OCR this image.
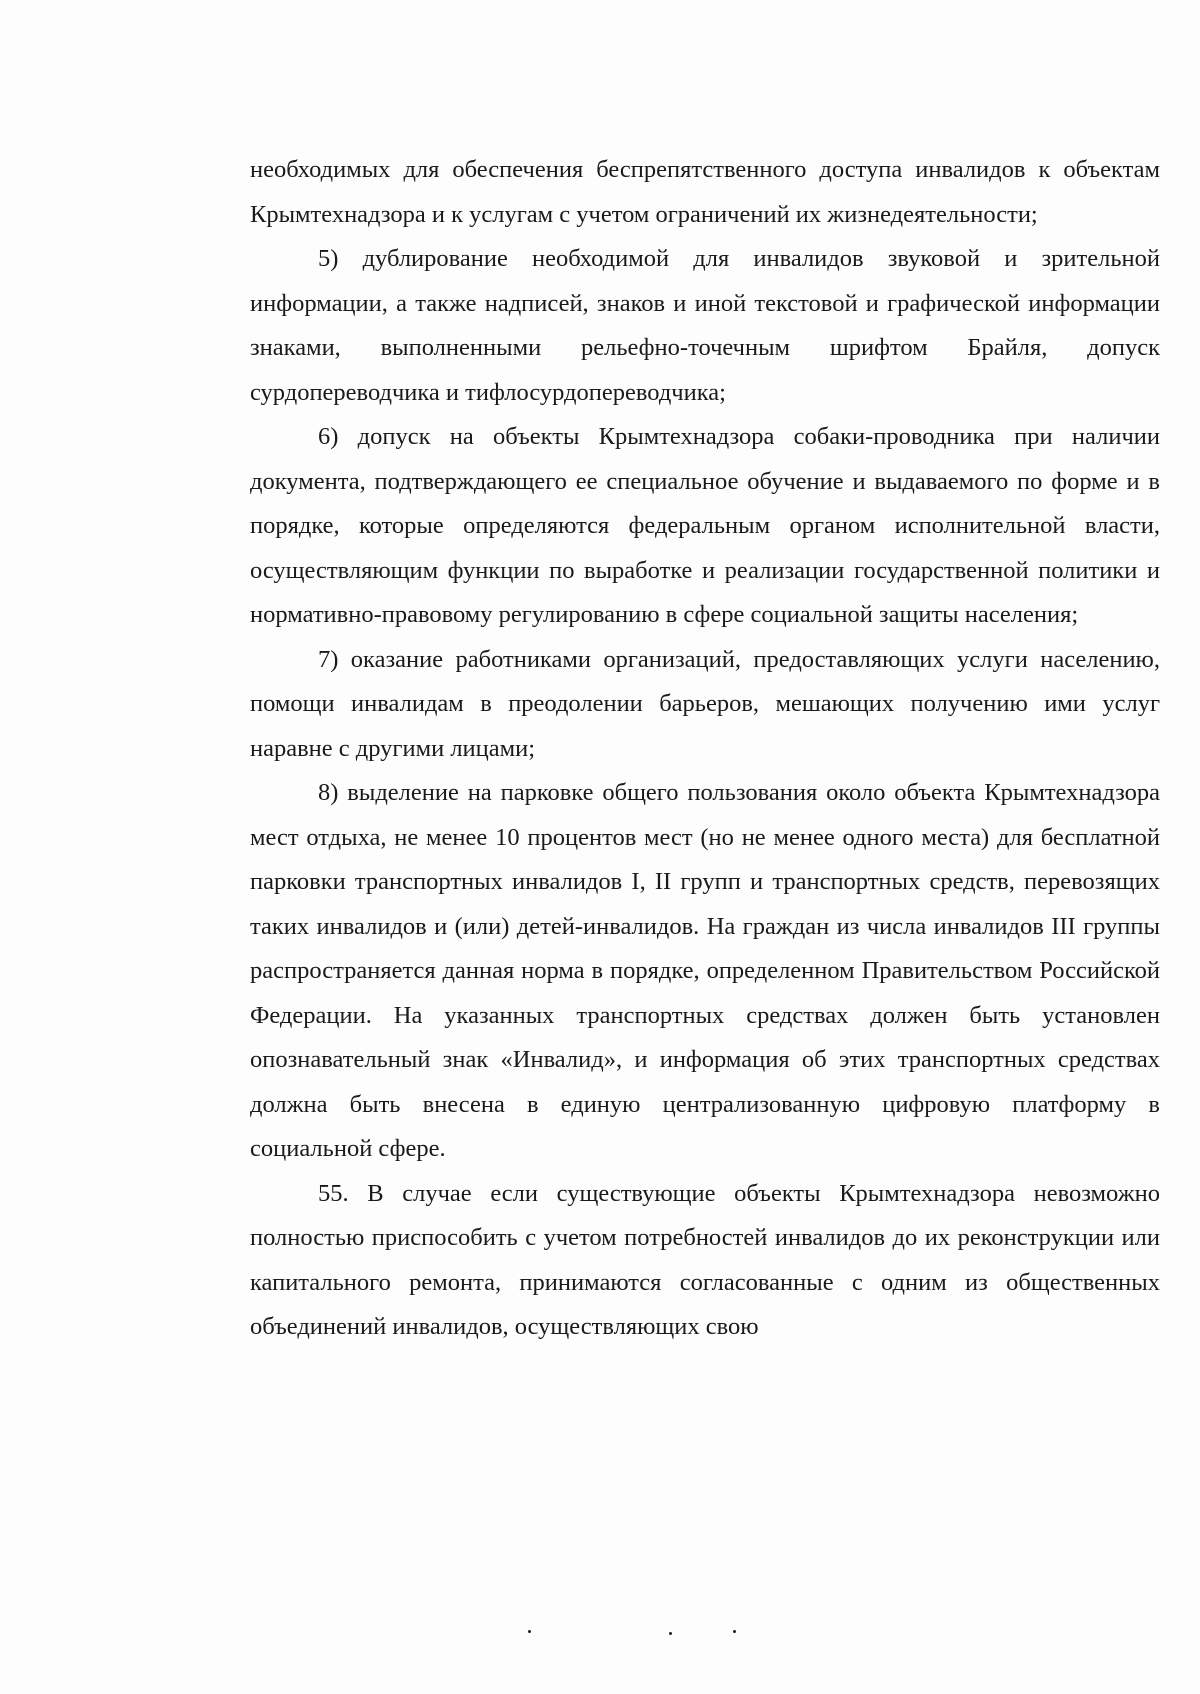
необходимых для обеспечения беспрепятственного доступа инвалидов к объектам Крымтехнадзора и к услугам с учетом ограничений их жизнедеятельности;

5) дублирование необходимой для инвалидов звуковой и зрительной информации, а также надписей, знаков и иной текстовой и графической информации знаками, выполненными рельефно-точечным шрифтом Брайля, допуск сурдопереводчика и тифлосурдопереводчика;

6) допуск на объекты Крымтехнадзора собаки-проводника при наличии документа, подтверждающего ее специальное обучение и выдаваемого по форме и в порядке, которые определяются федеральным органом исполнительной власти, осуществляющим функции по выработке и реализации государственной политики и нормативно-правовому регулированию в сфере социальной защиты населения;

7) оказание работниками организаций, предоставляющих услуги населению, помощи инвалидам в преодолении барьеров, мешающих получению ими услуг наравне с другими лицами;

8) выделение на парковке общего пользования около объекта Крымтехнадзора мест отдыха, не менее 10 процентов мест (но не менее одного места) для бесплатной парковки транспортных инвалидов I, II групп и транспортных средств, перевозящих таких инвалидов и (или) детей-инвалидов. На граждан из числа инвалидов III группы распространяется данная норма в порядке, определенном Правительством Российской Федерации. На указанных транспортных средствах должен быть установлен опознавательный знак «Инвалид», и информация об этих транспортных средствах должна быть внесена в единую централизованную цифровую платформу в социальной сфере.

55. В случае если существующие объекты Крымтехнадзора невозможно полностью приспособить с учетом потребностей инвалидов до их реконструкции или капитального ремонта, принимаются согласованные с одним из общественных объединений инвалидов, осуществляющих свою
